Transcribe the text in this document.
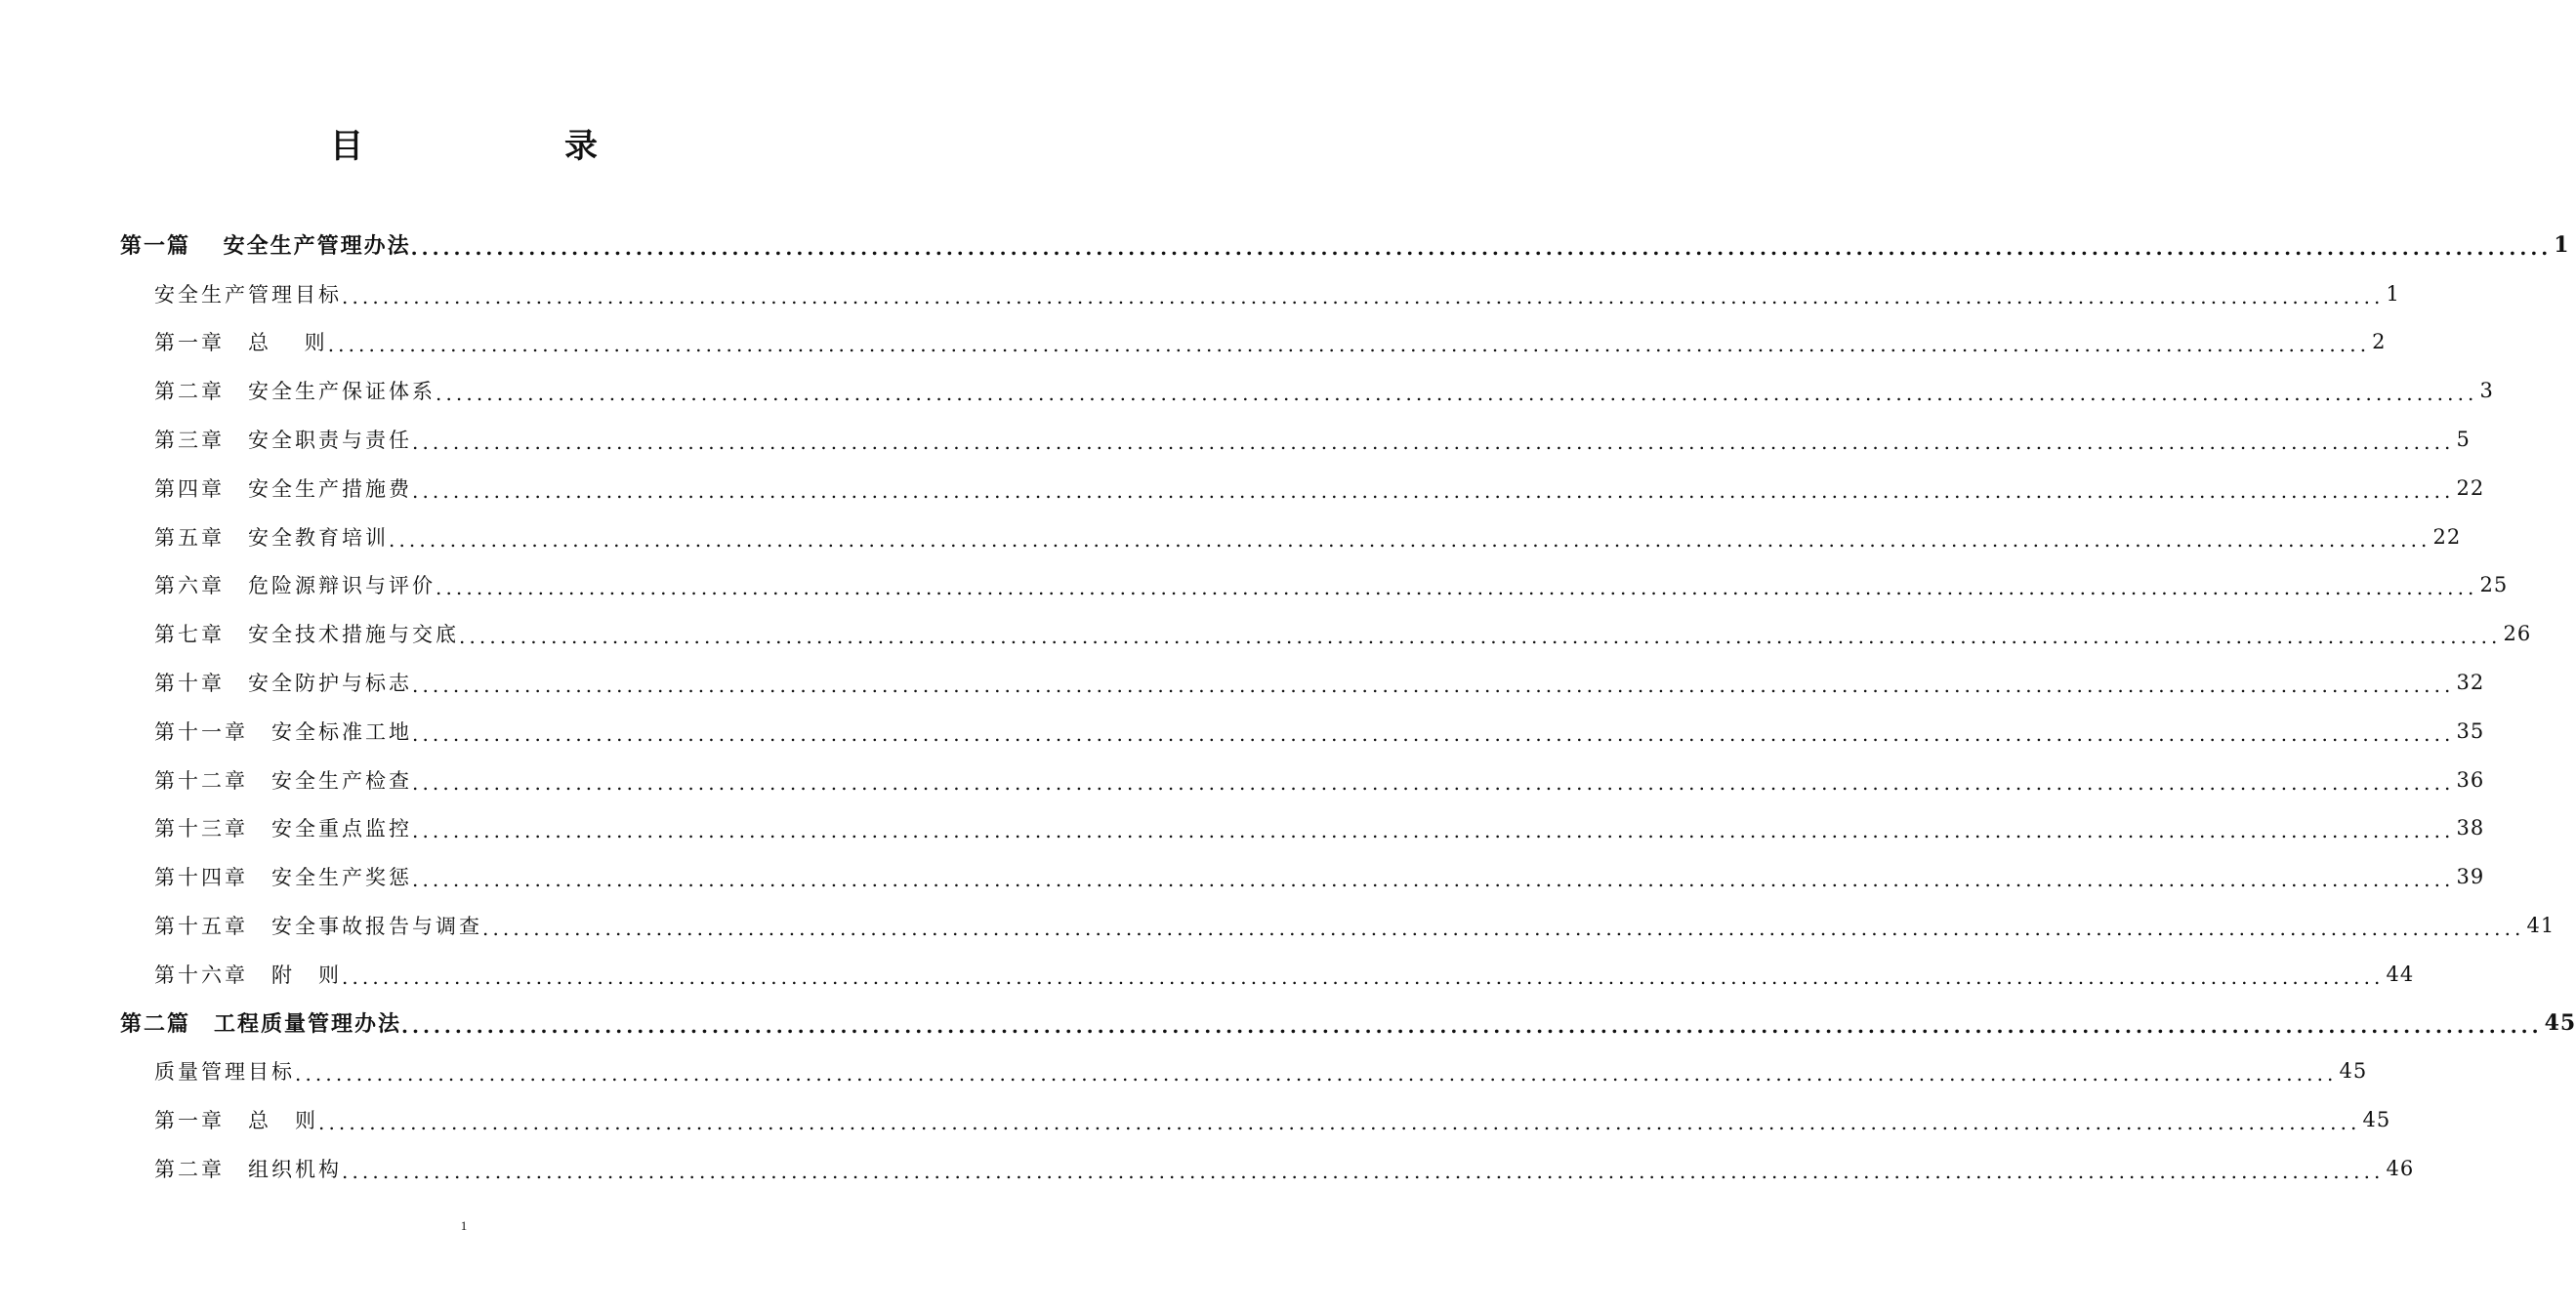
目　　录
第一篇　 安全生产管理办法 ........................................................................................................................................................................................................ 1
安全生产管理目标 ........................................................................................................................................................................................................ 1
第一章　总　 则 ........................................................................................................................................................................................................ 2
第二章　安全生产保证体系 ........................................................................................................................................................................................................ 3
第三章　安全职责与责任 ........................................................................................................................................................................................................ 5
第四章　安全生产措施费 ........................................................................................................................................................................................................ 22
第五章　安全教育培训 ........................................................................................................................................................................................................ 22
第六章　危险源辩识与评价 ........................................................................................................................................................................................................ 25
第七章　安全技术措施与交底 ........................................................................................................................................................................................................ 26
第十章　安全防护与标志 ........................................................................................................................................................................................................ 32
第十一章　安全标准工地 ........................................................................................................................................................................................................ 35
第十二章　安全生产检查 ........................................................................................................................................................................................................ 36
第十三章　安全重点监控 ........................................................................................................................................................................................................ 38
第十四章　安全生产奖惩 ........................................................................................................................................................................................................ 39
第十五章　安全事故报告与调查 ........................................................................................................................................................................................................ 41
第十六章　附　则 ........................................................................................................................................................................................................ 44
第二篇　工程质量管理办法 ........................................................................................................................................................................................................ 45
质量管理目标 ........................................................................................................................................................................................................ 45
第一章　总　则 ........................................................................................................................................................................................................ 45
第二章　组织机构 ........................................................................................................................................................................................................ 46
1
